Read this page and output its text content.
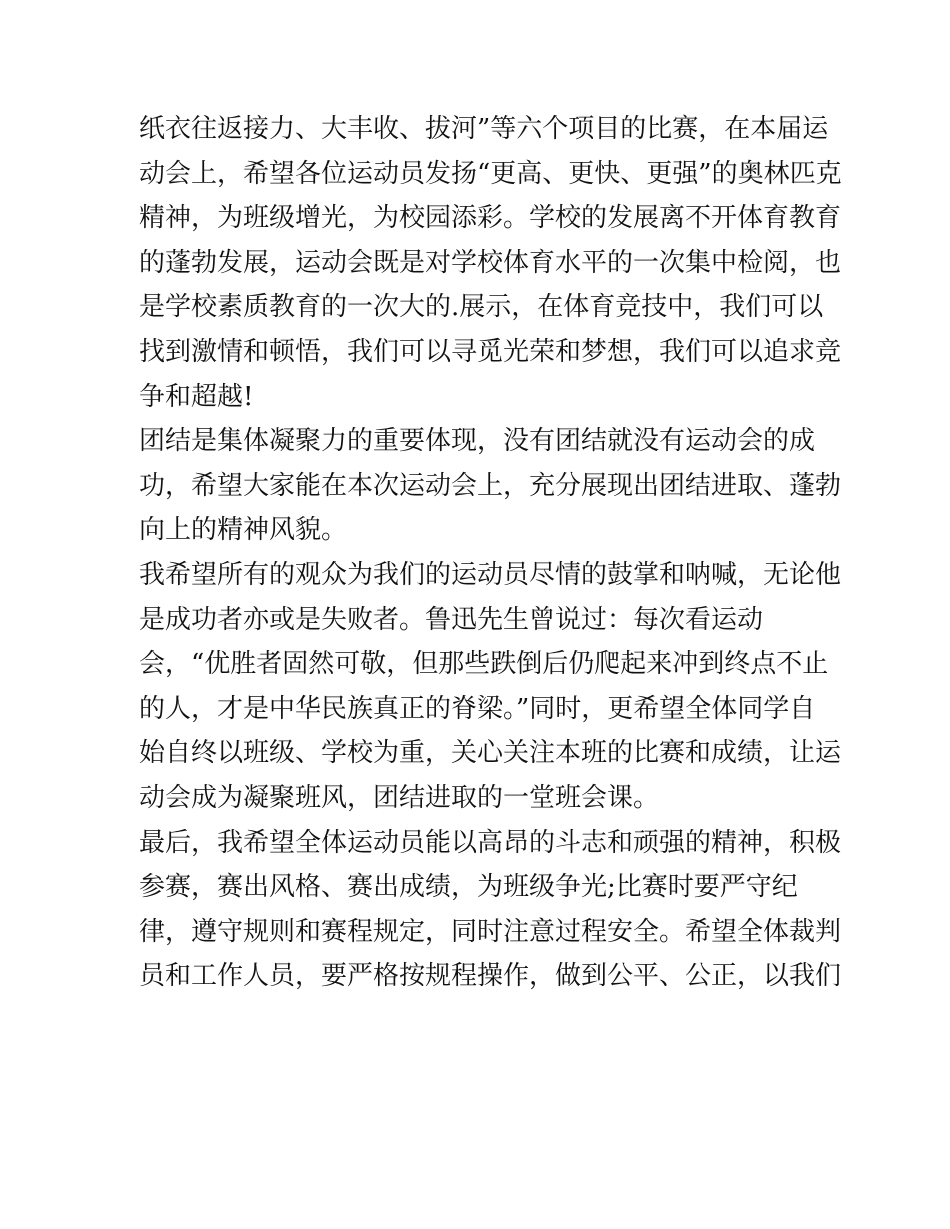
纸衣往返接力、大丰收、拔河”等六个项目的比赛，在本届运
动会上，希望各位运动员发扬“更高、更快、更强”的奥林匹克
精神，为班级增光，为校园添彩。学校的发展离不开体育教育
的蓬勃发展，运动会既是对学校体育水平的一次集中检阅，也
是学校素质教育的一次大的.展示，在体育竞技中，我们可以
找到激情和顿悟，我们可以寻觅光荣和梦想，我们可以追求竞
争和超越!
团结是集体凝聚力的重要体现，没有团结就没有运动会的成
功，希望大家能在本次运动会上，充分展现出团结进取、蓬勃
向上的精神风貌。
我希望所有的观众为我们的运动员尽情的鼓掌和呐喊，无论他
是成功者亦或是失败者。鲁迅先生曾说过：每次看运动
会，“优胜者固然可敬，但那些跌倒后仍爬起来冲到终点不止
的人，才是中华民族真正的脊梁。”同时，更希望全体同学自
始自终以班级、学校为重，关心关注本班的比赛和成绩，让运
动会成为凝聚班风，团结进取的一堂班会课。
最后，我希望全体运动员能以高昂的斗志和顽强的精神，积极
参赛，赛出风格、赛出成绩，为班级争光;比赛时要严守纪
律，遵守规则和赛程规定，同时注意过程安全。希望全体裁判
员和工作人员，要严格按规程操作，做到公平、公正，以我们
